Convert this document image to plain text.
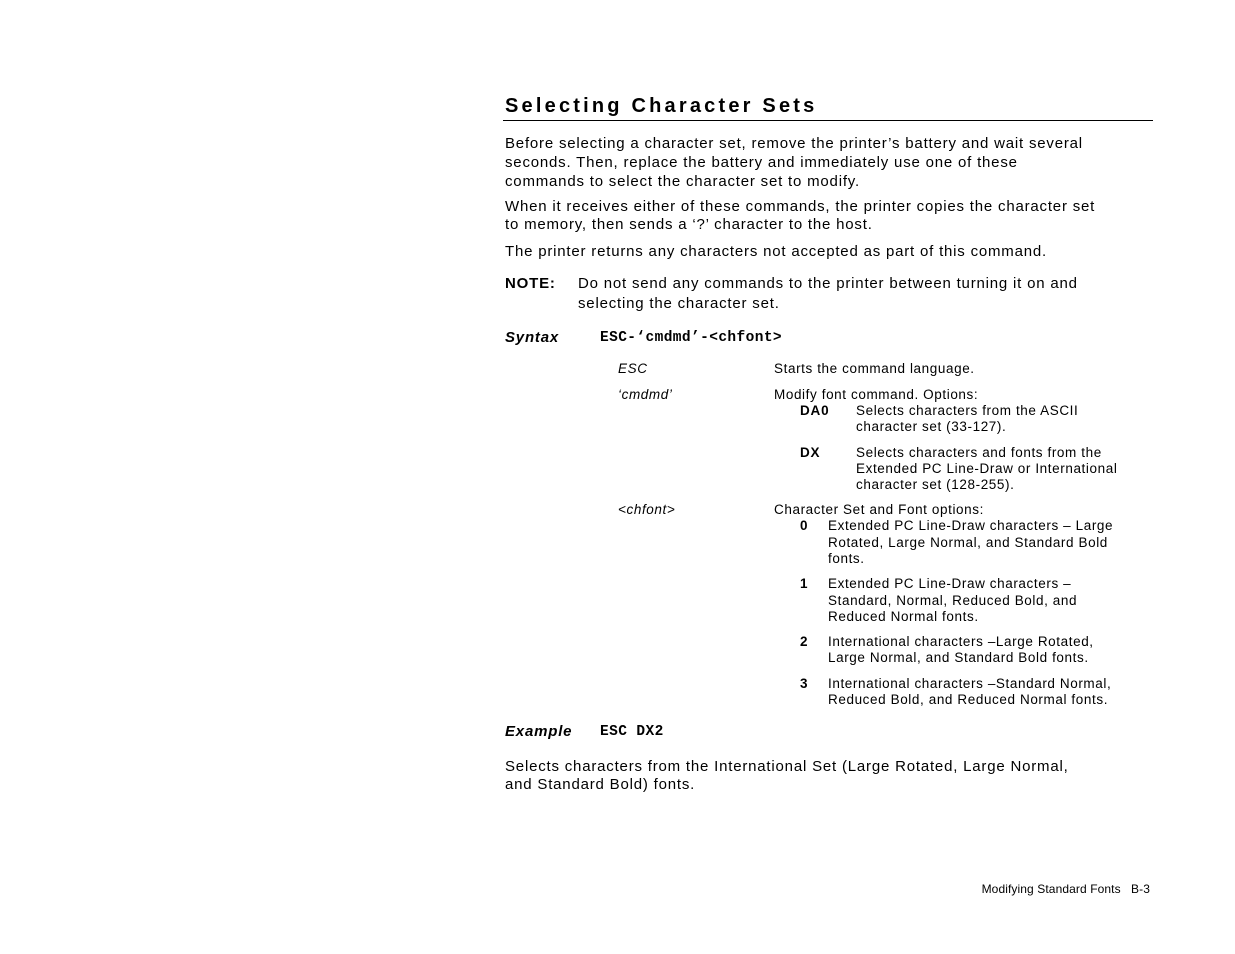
Selecting Character Sets
Before selecting a character set, remove the printer’s battery and wait several
seconds. Then, replace the battery and immediately use one of these
commands to select the character set to modify.
When it receives either of these commands, the printer copies the character set
to memory, then sends a ‘?’ character to the host.
The printer returns any characters not accepted as part of this command.
NOTE: Do not send any commands to the printer between turning it on and
selecting the character set.
Syntax	ESC-‘cmdmd’-<chfont>
ESC	Starts the command language.
‘cmdmd’	Modify font command. Options:
DA0 Selects characters from the ASCII
character set (33-127).
DX	Selects characters and fonts from the
Extended PC Line-Draw or International
character set (128-255).
<chfont>	Character Set and Font options:
0 Extended PC Line-Draw characters – Large
Rotated, Large Normal, and Standard Bold
fonts.
1 Extended PC Line-Draw characters –
Standard, Normal, Reduced Bold, and
Reduced Normal fonts.
2 International characters –Large Rotated,
Large Normal, and Standard Bold fonts.
3 International characters –Standard Normal,
Reduced Bold, and Reduced Normal fonts.
Example ESC DX2
Selects characters from the International Set (Large Rotated, Large Normal,
and Standard Bold) fonts.
Modifying Standard Fonts   B-3
